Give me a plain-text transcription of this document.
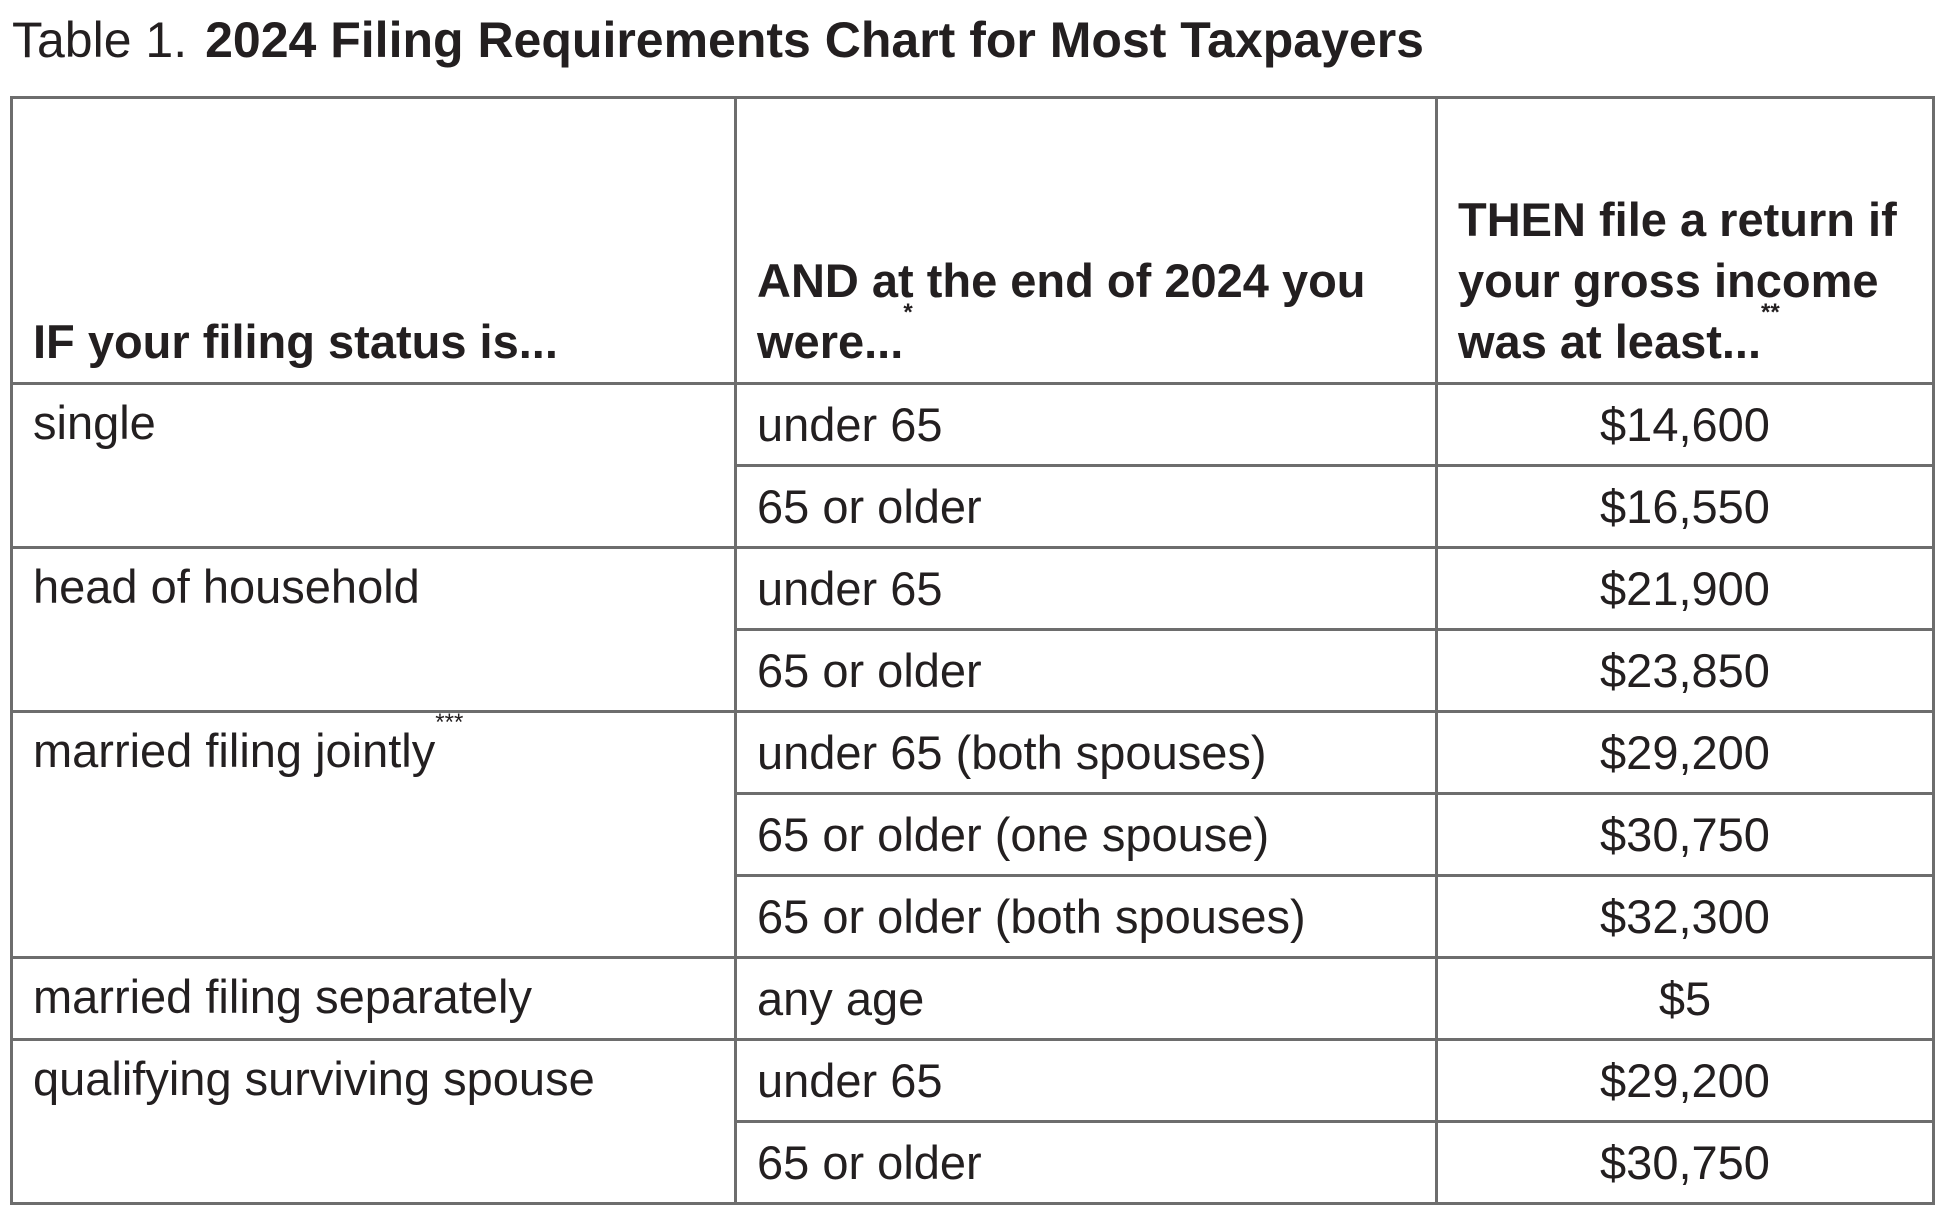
Table 1. 2024 Filing Requirements Chart for Most Taxpayers
IF your filing status is...	AND at the end of 2024 you were...*	THEN file a return if your gross income was at least...**
single	under 65	$14,600
	65 or older	$16,550
head of household	under 65	$21,900
	65 or older	$23,850
married filing jointly***	under 65 (both spouses)	$29,200
	65 or older (one spouse)	$30,750
	65 or older (both spouses)	$32,300
married filing separately	any age	$5
qualifying surviving spouse	under 65	$29,200
	65 or older	$30,750
